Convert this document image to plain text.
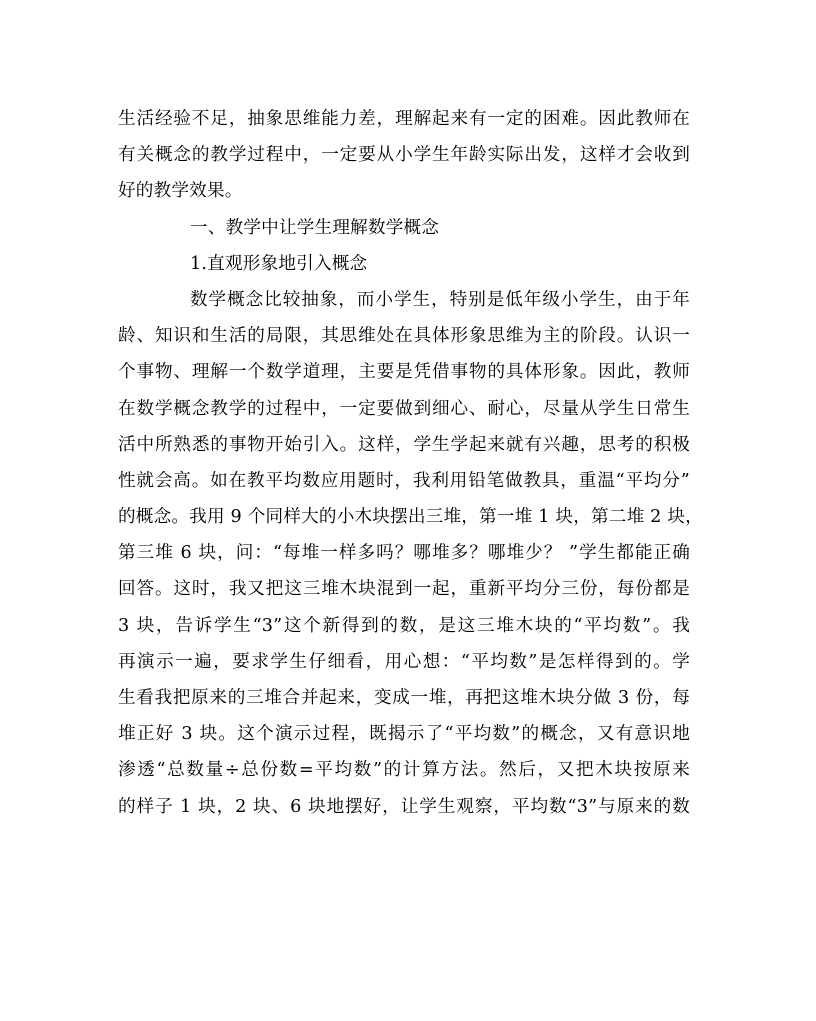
生活经验不足，抽象思维能力差，理解起来有一定的困难。因此教师在
有关概念的教学过程中，一定要从小学生年龄实际出发，这样才会收到
好的教学效果。
一、教学中让学生理解数学概念
1.直观形象地引入概念
数学概念比较抽象，而小学生，特别是低年级小学生，由于年
龄、知识和生活的局限，其思维处在具体形象思维为主的阶段。认识一
个事物、理解一个数学道理，主要是凭借事物的具体形象。因此，教师
在数学概念教学的过程中，一定要做到细心、耐心，尽量从学生日常生
活中所熟悉的事物开始引入。这样，学生学起来就有兴趣，思考的积极
性就会高。如在教平均数应用题时，我利用铅笔做教具，重温“平均分”
的概念。我用 9 个同样大的小木块摆出三堆，第一堆 1 块，第二堆 2 块，
第三堆 6 块，问：“每堆一样多吗？哪堆多？哪堆少？ ”学生都能正确
回答。这时，我又把这三堆木块混到一起，重新平均分三份，每份都是
3 块，告诉学生“3”这个新得到的数，是这三堆木块的“平均数”。我
再演示一遍，要求学生仔细看，用心想：“平均数”是怎样得到的。学
生看我把原来的三堆合并起来，变成一堆，再把这堆木块分做 3 份，每
堆正好 3 块。这个演示过程，既揭示了“平均数”的概念，又有意识地
渗透“总数量÷总份数=平均数”的计算方法。然后，又把木块按原来
的样子 1 块，2 块、6 块地摆好，让学生观察，平均数“3”与原来的数
